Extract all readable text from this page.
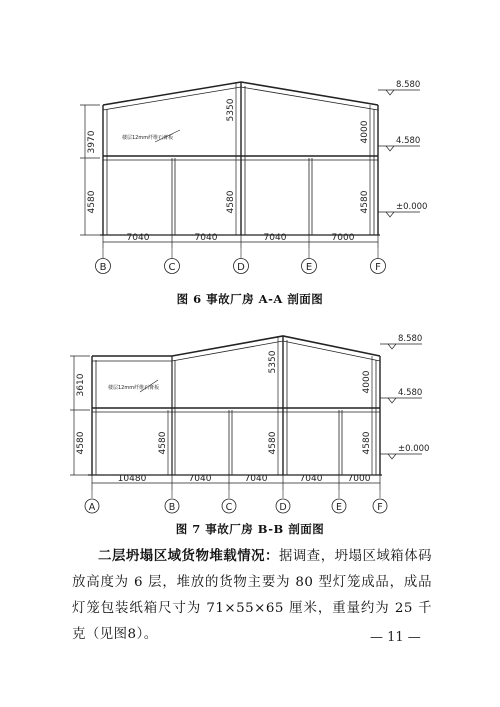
3970
4580
5350
4580
4000
4580
8.580
4.580
±0.000
楼层12mm纤维石膏板
7040	7040	7040	7000
B	C	D	E	F
图 6 事故厂房 A-A 剖面图
3610
4580	4580
5350
4580
4000
4580
8.580
4.580
±0.000
楼层12mm纤维石膏板
10480	7040	7040	7040	7000
A	B	C	D	E	F
图 7 事故厂房 B-B 剖面图
二层坍塌区域货物堆载情况：据调查，坍塌区域箱体码放高度为 6 层，堆放的货物主要为 80 型灯笼成品，成品灯笼包装纸箱尺寸为 71×55×65 厘米，重量约为 25 千克（见图8）。	— 11 —
